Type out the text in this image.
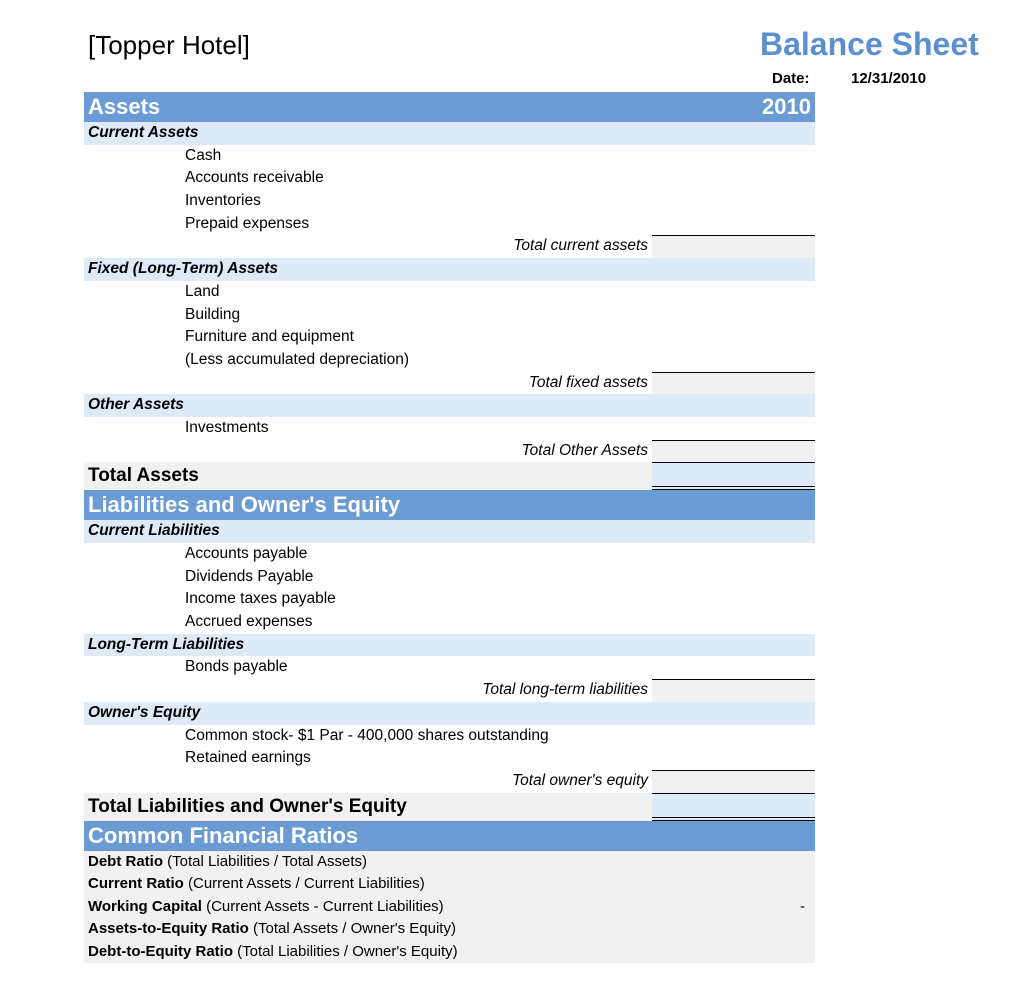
[Topper Hotel]	Balance Sheet
Date:	12/31/2010
Assets	2010
Current Assets
Cash
Accounts receivable
Inventories
Prepaid expenses
Total current assets
Fixed (Long-Term) Assets
Land
Building
Furniture and equipment
(Less accumulated depreciation)
Total fixed assets
Other Assets
Investments
Total Other Assets
Total Assets
Liabilities and Owner's Equity
Current Liabilities
Accounts payable
Dividends Payable
Income taxes payable
Accrued expenses
Long-Term Liabilities
Bonds payable
Total long-term liabilities
Owner's Equity
Common stock- $1 Par - 400,000 shares outstanding
Retained earnings
Total owner's equity
Total Liabilities and Owner's Equity
Common Financial Ratios
Debt Ratio (Total Liabilities / Total Assets)
Current Ratio (Current Assets / Current Liabilities)
Working Capital (Current Assets - Current Liabilities)	-
Assets-to-Equity Ratio (Total Assets / Owner's Equity)
Debt-to-Equity Ratio (Total Liabilities / Owner's Equity)
